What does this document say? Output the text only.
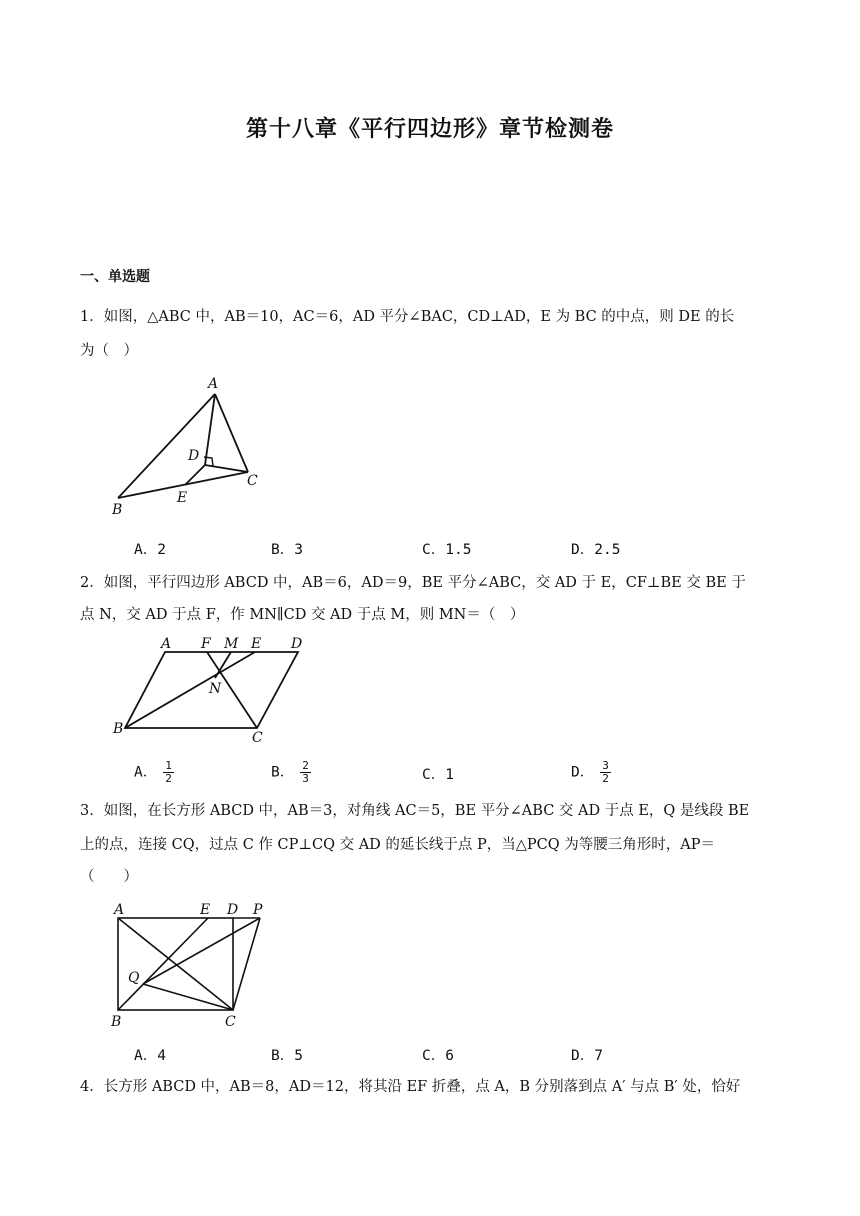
第十八章《平行四边形》章节检测卷
一、单选题
1．如图，△ABC 中，AB＝10，AC＝6，AD 平分∠BAC，CD⊥AD，E 为 BC 的中点，则 DE 的长
为（　）
A
B
C
D
E
A．2	B．3	C．1.5	D．2.5
2．如图，平行四边形 ABCD 中，AB＝6，AD＝9，BE 平分∠ABC，交 AD 于 E，CF⊥BE 交 BE 于
点 N，交 AD 于点 F，作 MN∥CD 交 AD 于点 M，则 MN＝（　）
A F M E D
N
B
C
A． $\frac{1}{2}$	B． $\frac{2}{3}$	C．1	D． $\frac{3}{2}$
3．如图，在长方形 ABCD 中，AB＝3，对角线 AC＝5，BE 平分∠ABC 交 AD 于点 E，Q 是线段 BE
上的点，连接 CQ，过点 C 作 CP⊥CQ 交 AD 的延长线于点 P，当△PCQ 为等腰三角形时，AP＝
（　　）
A	E D P
Q
B	C
A．4	B．5	C．6	D．7
4．长方形 ABCD 中，AB＝8，AD＝12，将其沿 EF 折叠，点 A，B 分别落到点 A′ 与点 B′ 处，恰好
